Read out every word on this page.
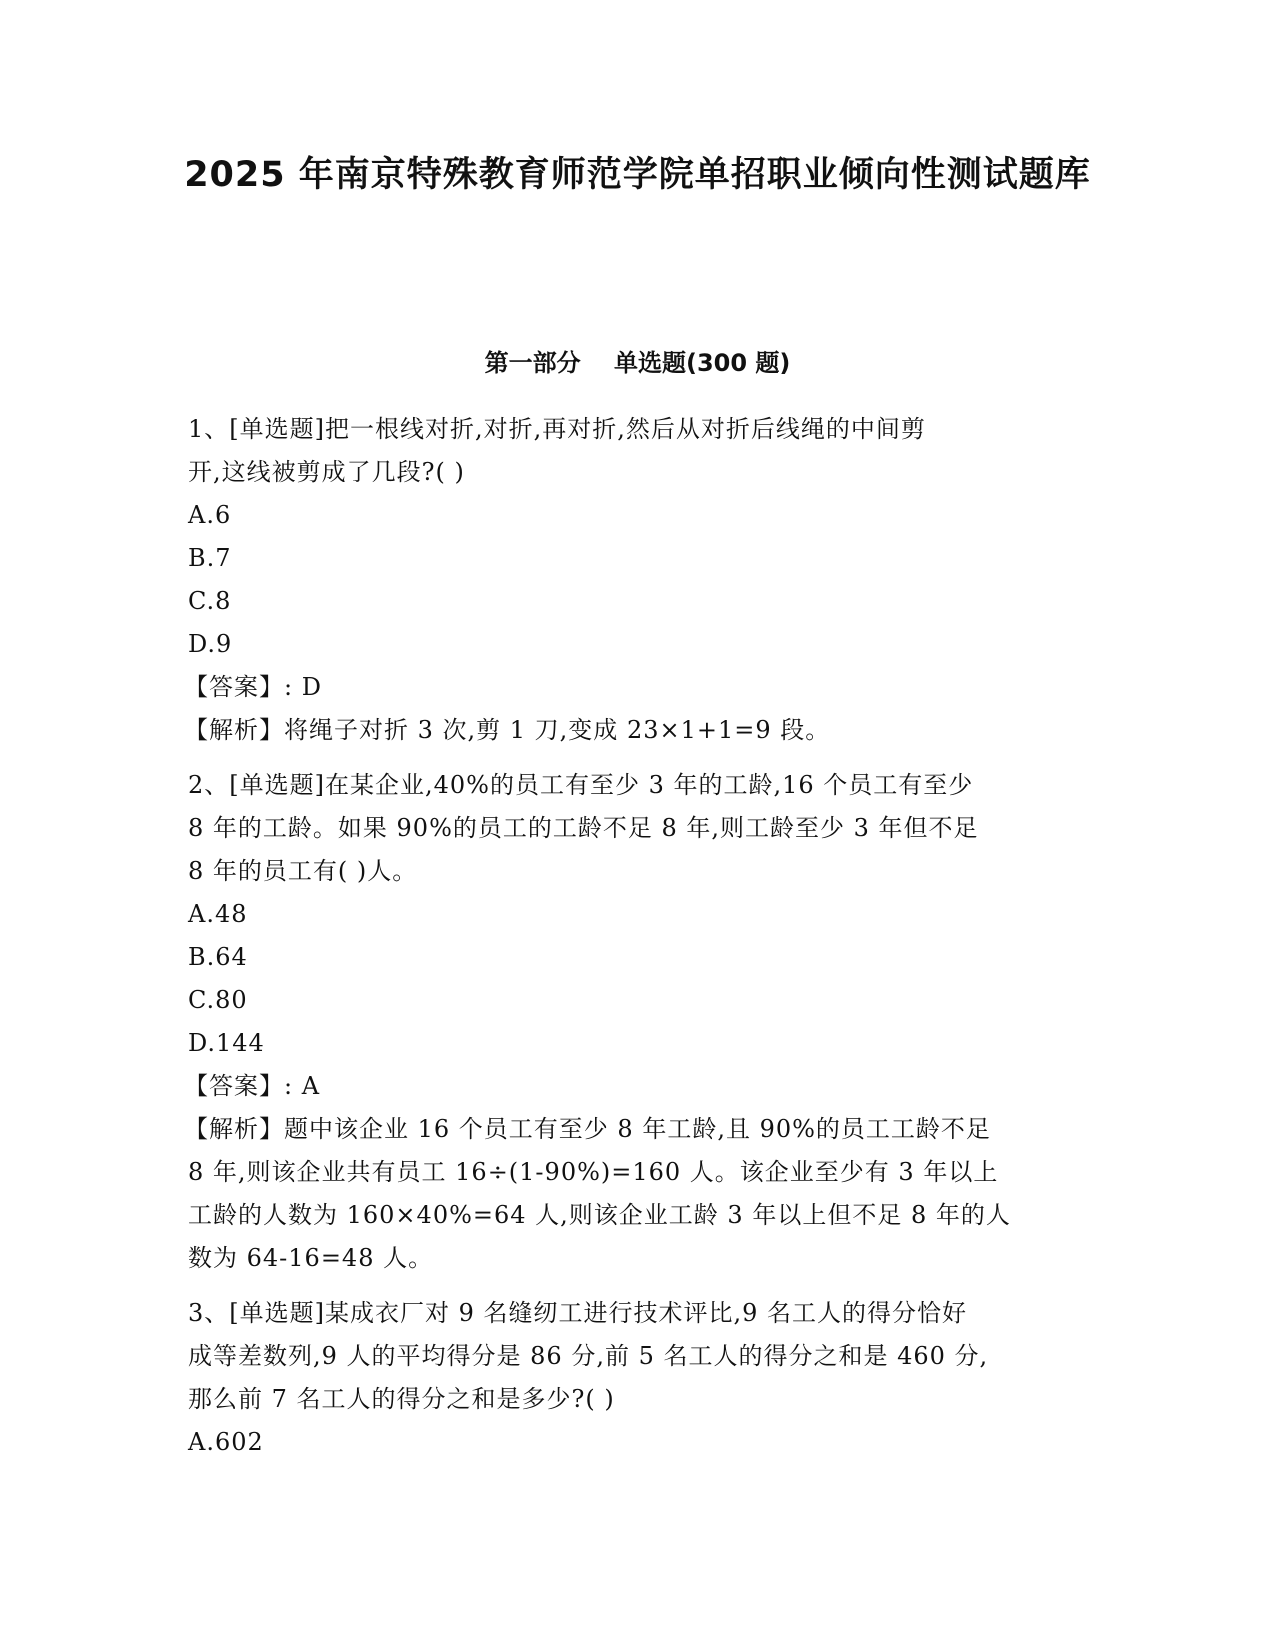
2025 年南京特殊教育师范学院单招职业倾向性测试题库
第一部分    单选题(300 题)

1、[单选题]把一根线对折,对折,再对折,然后从对折后线绳的中间剪

开,这线被剪成了几段?( )

A.6

B.7

C.8

D.9

【答案】: D

【解析】将绳子对折 3 次,剪 1 刀,变成 23×1+1=9 段。

2、[单选题]在某企业,40%的员工有至少 3 年的工龄,16 个员工有至少

8 年的工龄。如果 90%的员工的工龄不足 8 年,则工龄至少 3 年但不足

8 年的员工有( )人。

A.48

B.64

C.80

D.144

【答案】: A

【解析】题中该企业 16 个员工有至少 8 年工龄,且 90%的员工工龄不足

8 年,则该企业共有员工 16÷(1-90%)=160 人。该企业至少有 3 年以上

工龄的人数为 160×40%=64 人,则该企业工龄 3 年以上但不足 8 年的人

数为 64-16=48 人。

3、[单选题]某成衣厂对 9 名缝纫工进行技术评比,9 名工人的得分恰好

成等差数列,9 人的平均得分是 86 分,前 5 名工人的得分之和是 460 分,

那么前 7 名工人的得分之和是多少?( )

A.602
